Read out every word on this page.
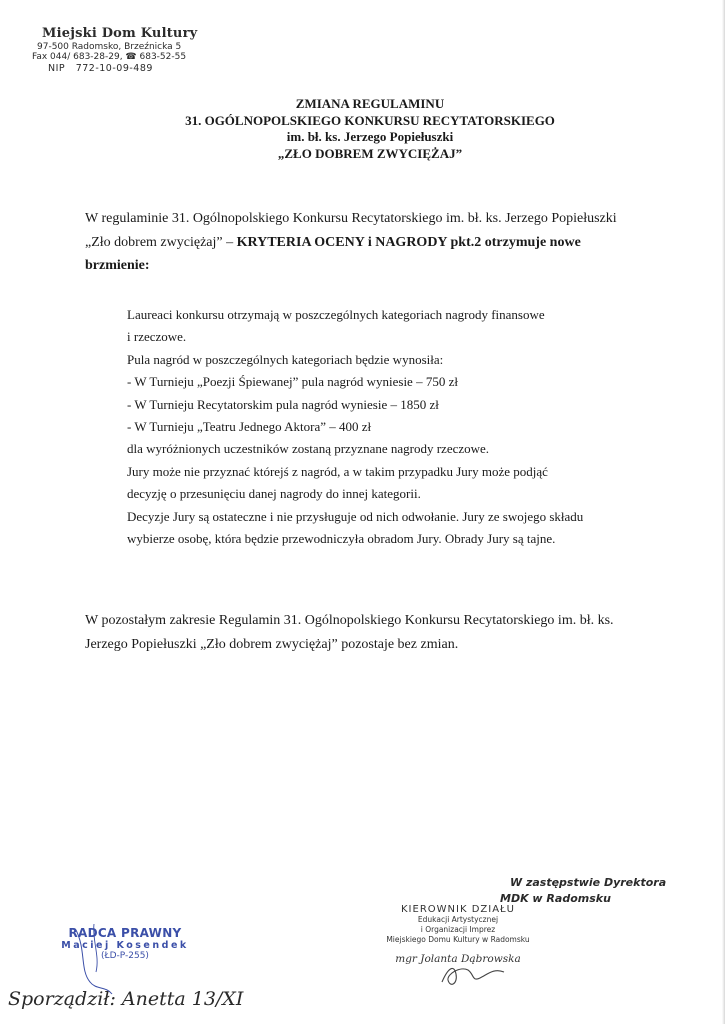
Miejski Dom Kultury
97-500 Radomsko, Brzeźnicka 5
Fax 044/ 683-28-29, ☎ 683-52-55
NIP   772-10-09-489
ZMIANA REGULAMINU
31. OGÓLNOPOLSKIEGO KONKURSU RECYTATORSKIEGO
im. bł. ks. Jerzego Popiełuszki
„ZŁO DOBREM ZWYCIĘŻAJ”
W regulaminie 31. Ogólnopolskiego Konkursu Recytatorskiego im. bł. ks. Jerzego Popiełuszki „Zło dobrem zwyciężaj” – KRYTERIA OCENY i NAGRODY pkt.2 otrzymuje nowe brzmienie:
Laureaci konkursu otrzymają w poszczególnych kategoriach nagrody finansowe
i rzeczowe.
Pula nagród w poszczególnych kategoriach będzie wynosiła:
- W Turnieju „Poezji Śpiewanej” pula nagród wyniesie – 750 zł
- W Turnieju Recytatorskim pula nagród wyniesie – 1850 zł
- W Turnieju „Teatru Jednego Aktora” – 400 zł
dla wyróżnionych uczestników zostaną przyznane nagrody rzeczowe.
Jury może nie przyznać którejś z nagród, a w takim przypadku Jury może podjąć
decyzję o przesunięciu danej nagrody do innej kategorii.
Decyzje Jury są ostateczne i nie przysługuje od nich odwołanie. Jury ze swojego składu
wybierze osobę, która będzie przewodniczyła obradom Jury. Obrady Jury są tajne.
W pozostałym zakresie Regulamin 31. Ogólnopolskiego Konkursu Recytatorskiego im. bł. ks. Jerzego Popiełuszki „Zło dobrem zwyciężaj” pozostaje bez zmian.
W zastępstwie Dyrektora
MDK w Radomsku
KIEROWNIK DZIAŁU
Edukacji Artystycznej
i Organizacji Imprez
Miejskiego Domu Kultury w Radomsku
mgr Jolanta Dąbrowska
RADCA PRAWNY
Maciej Kosendek
(ŁD-P-255)
Sporządził: Anetta 13/XI
